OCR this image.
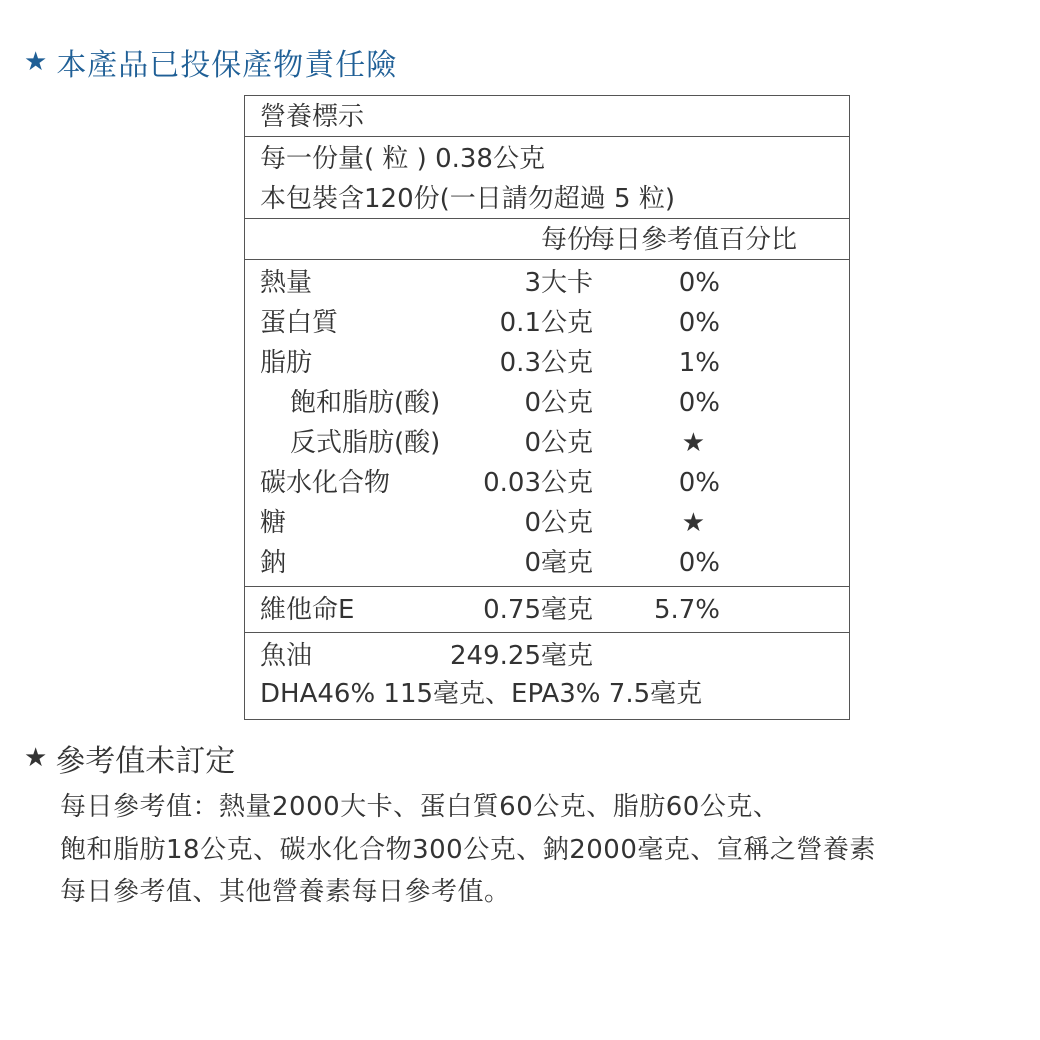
★ 本產品已投保產物責任險
營養標示
每一份量( 粒 ) 0.38公克
本包裝含120份(一日請勿超過 5 粒)
每份
每日參考值百分比
熱量	3大卡	0%
蛋白質	0.1公克	0%
脂肪	0.3公克	1%
飽和脂肪(酸)	0公克	0%
反式脂肪(酸)	0公克	★
碳水化合物	0.03公克	0%
糖	0公克	★
鈉	0毫克	0%
維他命E	0.75毫克	5.7%
魚油	249.25毫克
DHA46% 115毫克、EPA3% 7.5毫克
★ 參考值未訂定
每日參考值：熱量2000大卡、蛋白質60公克、脂肪60公克、
飽和脂肪18公克、碳水化合物300公克、鈉2000毫克、宣稱之營養素
每日參考值、其他營養素每日參考值。
